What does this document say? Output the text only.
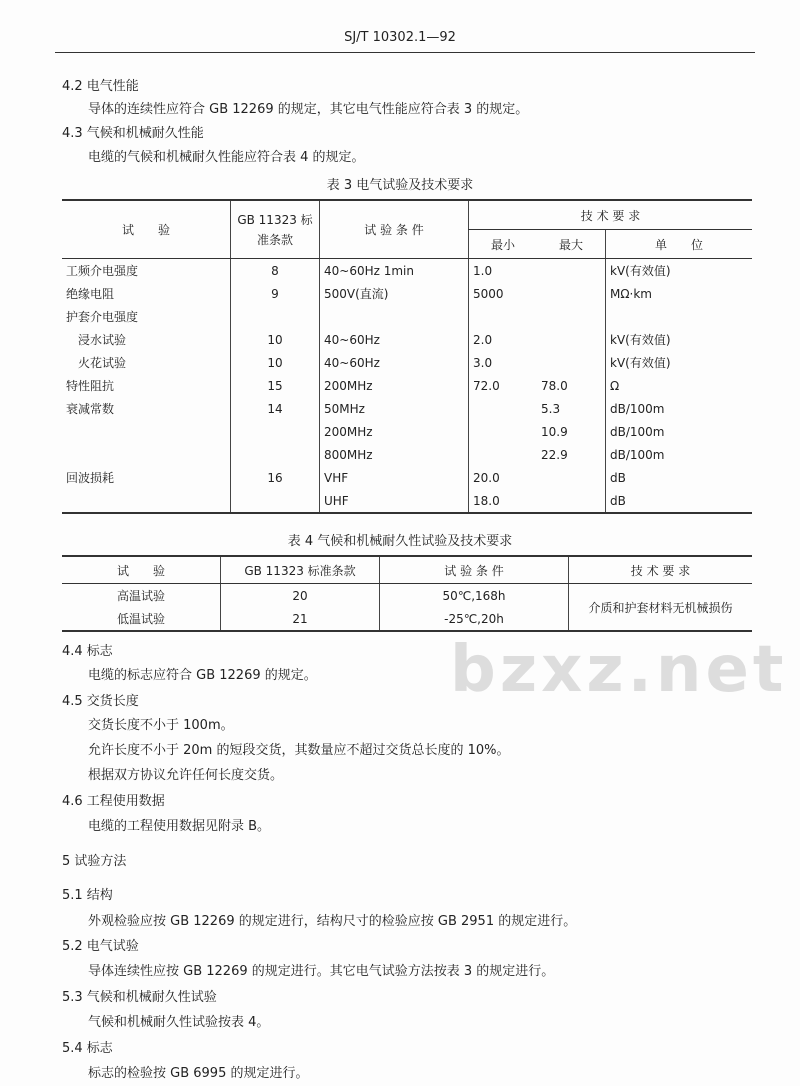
SJ/T 10302.1—92
bzxz.net
4.2 电气性能
导体的连续性应符合 GB 12269 的规定，其它电气性能应符合表 3 的规定。
4.3 气候和机械耐久性能
电缆的气候和机械耐久性能应符合表 4 的规定。
表 3 电气试验及技术要求
试　　验	GB 11323 标准条款	试 验 条 件	技 术 要 求		
			最小	最大	单　　位
工频介电强度	8	40~60Hz 1min	1.0		kV(有效值)
绝缘电阻	9	500V(直流)	5000		MΩ·km
护套介电强度					
　浸水试验	10	40~60Hz	2.0		kV(有效值)
　火花试验	10	40~60Hz	3.0		kV(有效值)
特性阻抗	15	200MHz	72.0	78.0	Ω
衰减常数	14	50MHz		5.3	dB/100m
		200MHz		10.9	dB/100m
		800MHz		22.9	dB/100m
回波损耗	16	VHF	20.0		dB
		UHF	18.0		dB
表 4 气候和机械耐久性试验及技术要求
试　　验	GB 11323 标准条款	试 验 条 件	技 术 要 求
高温试验	20	50℃,168h	介质和护套材料无机械损伤
低温试验	21	-25℃,20h	
4.4 标志
电缆的标志应符合 GB 12269 的规定。
4.5 交货长度
交货长度不小于 100m。
允许长度不小于 20m 的短段交货，其数量应不超过交货总长度的 10%。
根据双方协议允许任何长度交货。
4.6 工程使用数据
电缆的工程使用数据见附录 B。
5 试验方法
5.1 结构
外观检验应按 GB 12269 的规定进行，结构尺寸的检验应按 GB 2951 的规定进行。
5.2 电气试验
导体连续性应按 GB 12269 的规定进行。其它电气试验方法按表 3 的规定进行。
5.3 气候和机械耐久性试验
气候和机械耐久性试验按表 4。
5.4 标志
标志的检验按 GB 6995 的规定进行。
